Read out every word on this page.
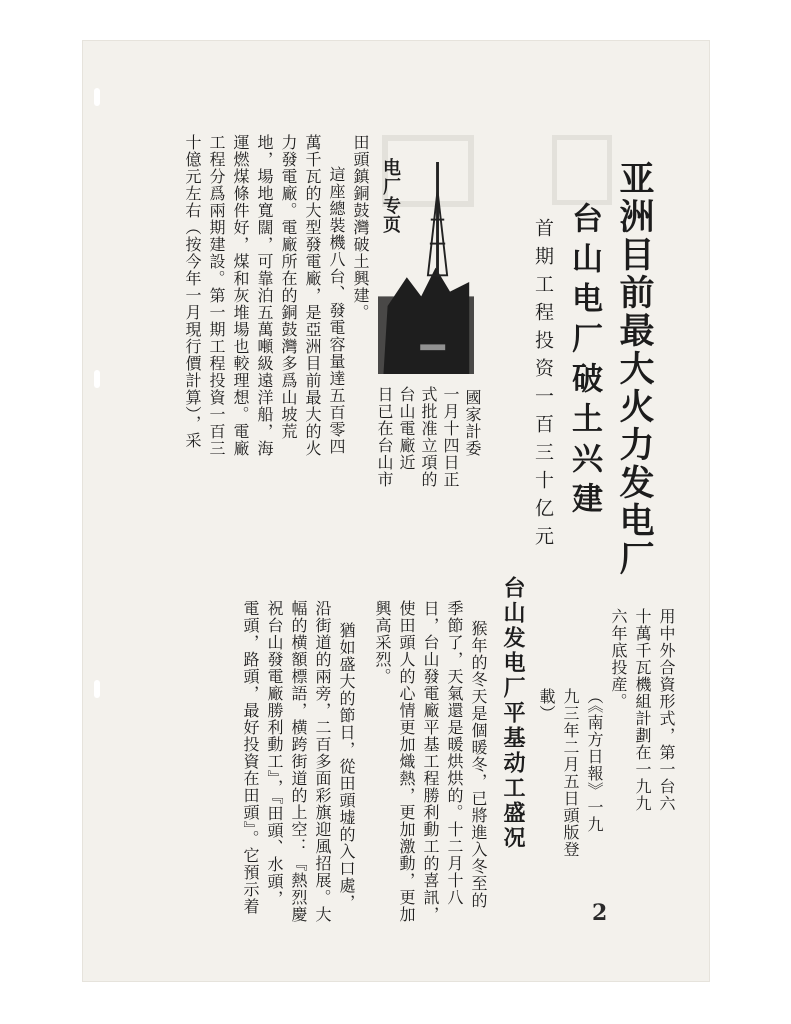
亚洲目前最大火力发电厂
台山电厂破土兴建
首期工程投资一百三十亿元
电厂专页
國家計委
一月十四日正
式批准立項的
台山電廠近
日已在台山市
田頭鎮銅鼓灣破土興建。
這座總裝機八台、發電容量達五百零四
萬千瓦的大型發電廠，是亞洲目前最大的火
力發電廠。電廠所在的銅鼓灣多爲山坡荒
地，場地寬闊，可靠泊五萬噸級遠洋船，海
運燃煤條件好，煤和灰堆場也較理想。電廠
工程分爲兩期建設。第一期工程投資一百三
十億元左右（按今年一月現行價計算），采
用中外合資形式，第一台六
十萬千瓦機組計劃在一九九
六年底投産。
（《南方日報》一九
九三年二月五日頭版登
載）
台山发电厂平基动工盛况
猴年的冬天是個暖冬，已將進入冬至的
季節了，天氣還是暖烘烘的。十二月十八
日，台山發電廠平基工程勝利動工的喜訊，
使田頭人的心情更加熾熱，更加激動，更加
興高采烈。
猶如盛大的節日，從田頭墟的入口處，
沿街道的兩旁，二百多面彩旗迎風招展。大
幅的横額標語，横跨街道的上空：『熱烈慶
祝台山發電廠勝利動工』，『田頭、水頭，
電頭，路頭，最好投資在田頭』。它預示着	2
